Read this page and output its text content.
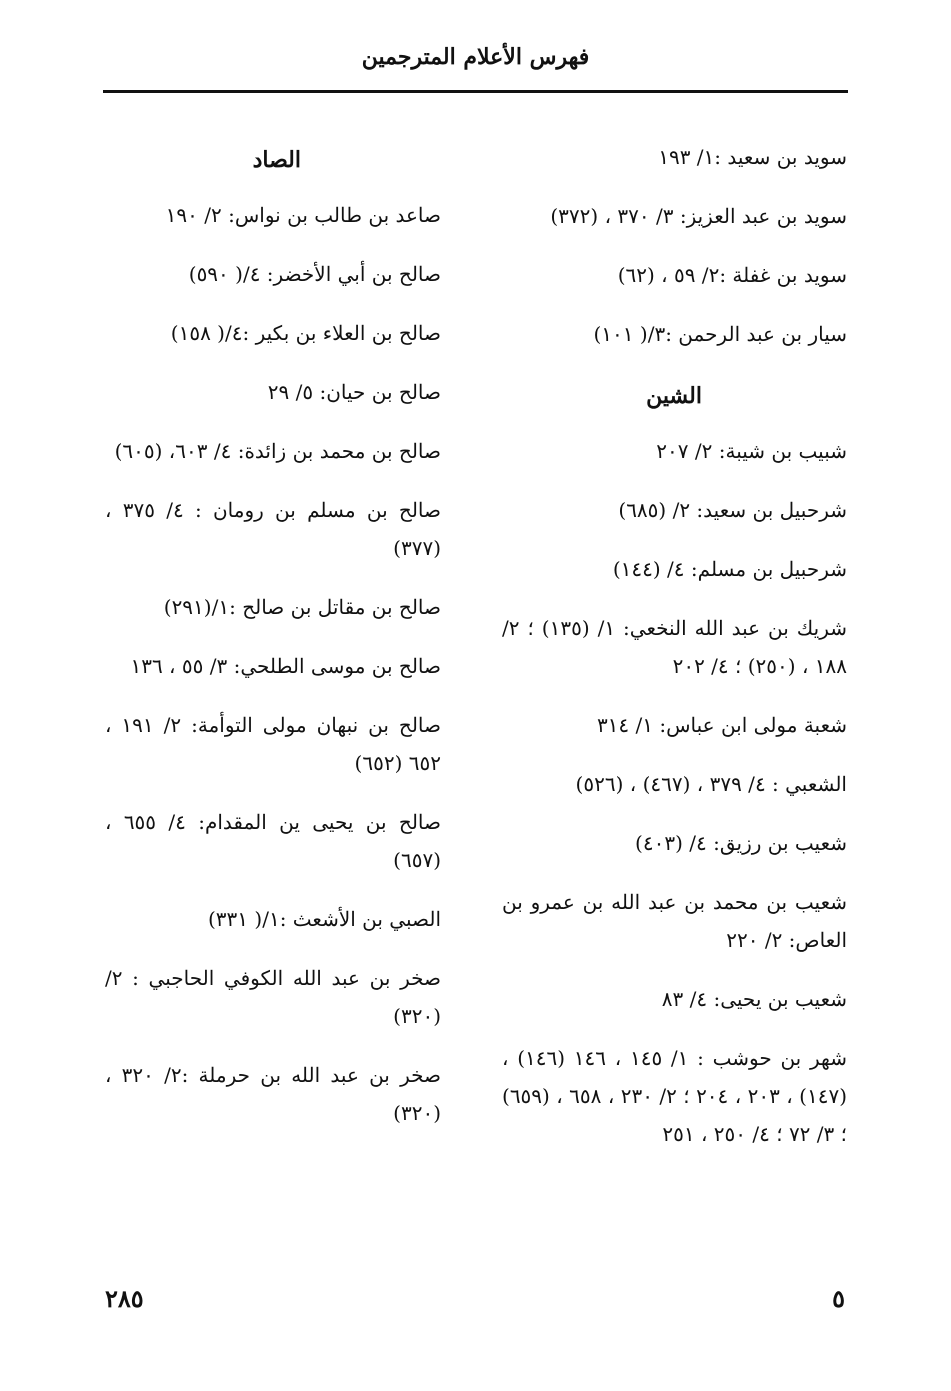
فهرس الأعلام المترجمين

سويد بن سعيد :١/ ١٩٣

سويد بن عبد العزيز: ٣/ ٣٧٠ ، (٣٧٢)

سويد بن غفلة :٢/ ٥٩ ، (٦٢)

سيار بن عبد الرحمن :٣/( ١٠١)

الشين

شبيب بن شيبة: ٢/ ٢٠٧

شرحبيل بن سعيد: ٢/ (٦٨٥)

شرحبيل بن مسلم: ٤/ (١٤٤)

شريك بن عبد الله النخعي: ١/ (١٣٥) ؛ ٢/ ١٨٨ ، (٢٥٠) ؛ ٤/ ٢٠٢

شعبة مولى ابن عباس: ١/ ٣١٤

الشعبي : ٤/ ٣٧٩ ، (٤٦٧) ، (٥٢٦)

شعيب بن رزيق: ٤/ (٤٠٣)

شعيب بن محمد بن عبد الله بن عمرو بن العاص: ٢/ ٢٢٠

شعيب بن يحيى: ٤/ ٨٣

شهر بن حوشب : ١/ ١٤٥ ، ١٤٦ (١٤٦) ، (١٤٧) ، ٢٠٣ ، ٢٠٤ ؛ ٢/ ٢٣٠ ، ٦٥٨ ، (٦٥٩) ؛ ٣/ ٧٢ ؛ ٤/ ٢٥٠ ، ٢٥١

الصاد

صاعد بن طالب بن نواس: ٢/ ١٩٠

صالح بن أبي الأخضر: ٤/( ٥٩٠)

صالح بن العلاء بن بكير :٤/( ١٥٨)

صالح بن حيان: ٥/ ٢٩

صالح بن محمد بن زائدة: ٤/ ٦٠٣، (٦٠٥)

صالح بن مسلم بن رومان : ٤/ ٣٧٥ ، (٣٧٧)

صالح بن مقاتل بن صالح :١/(٢٩١)

صالح بن موسى الطلحي: ٣/ ٥٥ ، ١٣٦

صالح بن نبهان مولى التوأمة: ٢/ ١٩١ ، ٦٥٢ (٦٥٢)

صالح بن يحيى ين المقدام: ٤/ ٦٥٥ ، (٦٥٧)

الصبي بن الأشعث :١/( ٣٣١)

صخر بن عبد الله الكوفي الحاجبي : ٢/ (٣٢٠)

صخر بن عبد الله بن حرملة :٢/ ٣٢٠ ، (٣٢٠)

٢٨٥	٥
